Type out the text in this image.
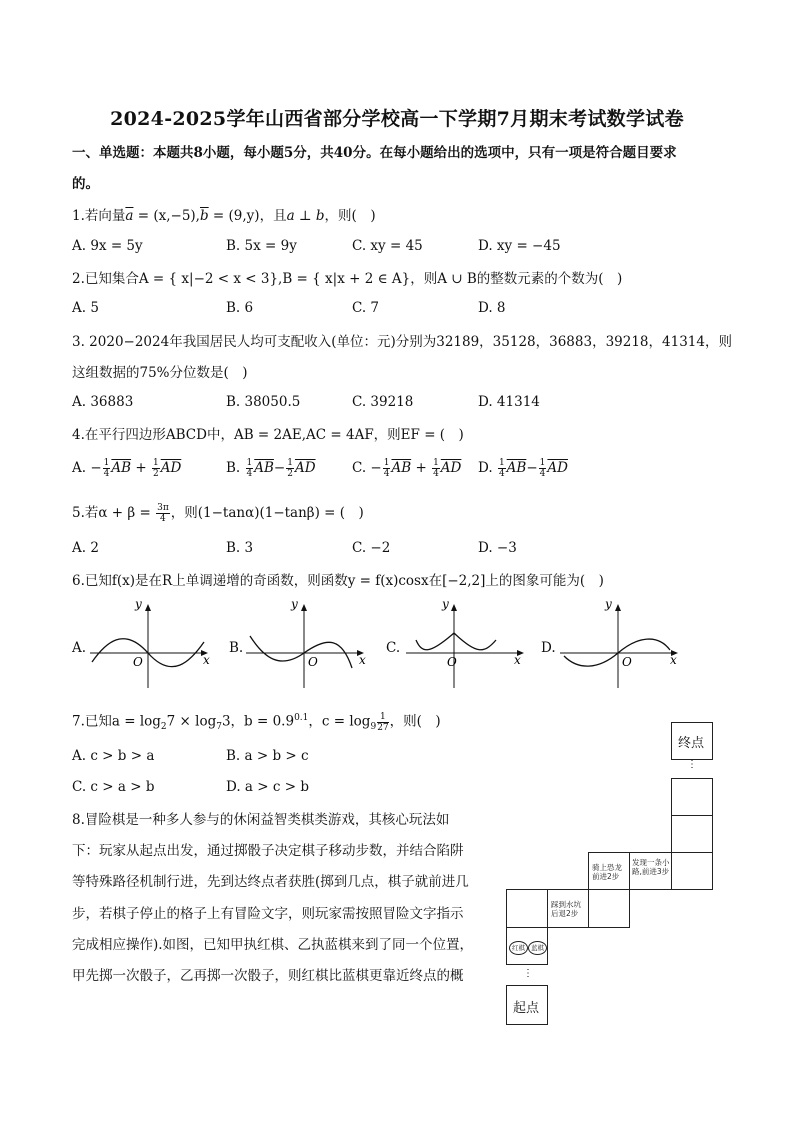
2024-2025学年山西省部分学校高一下学期7月期末考试数学试卷
一、单选题：本题共8小题，每小题5分，共40分。在每小题给出的选项中，只有一项是符合题目要求
的。
1.若向量$\overline{a} = (x,-5),\overline{b} = (9,y)$，且a ⊥ b，则(　)
A. 9x = 5y	B. 5x = 9y	C. xy = 45	D. xy = −45
2.已知集合A = { x|−2 < x < 3},B = { x|x + 2 ∈ A}，则A ∪ B的整数元素的个数为(　)
A. 5	B. 6	C. 7	D. 8
3. 2020−2024年我国居民人均可支配收入(单位：元)分别为32189，35128，36883，39218，41314，则
这组数据的75%分位数是(　)
A. 36883	B. 38050.5	C. 39218	D. 41314
4.在平行四边形ABCD中，AB = 2AE,AC = 4AF，则EF = (　)
A. − $\frac{1}{4} \overline{AB} + \frac{1}{2} \overline{AD}$	B. $\frac{1}{4} \overline{AB}- \frac{1}{2} \overline{AD}$	C. − $\frac{1}{4} \overline{AB} + \frac{1}{4} \overline{AD}$ D. $\frac{1}{4} \overline{AB}- \frac{1}{4} \overline{AD}$
5.若$\alpha + \beta = \frac{3\pi}{4}$ ，则(1−tanα)(1−tanβ) = (　)
A. 2	B. 3	C. −2	D. −3
6.已知f(x)是在R上单调递增的奇函数，则函数y = f(x)cosx在[−2,2]上的图象可能为(　)
A.	B.	C.	D.
y
x
O
y
x
O
y
x
O
y
x
O
7.已知$a = \log_27 \times \log_73$，$b = 0.9^{0.1}$，$c = \log_9 \frac{1}{27}$ ，则(　)
A. c > b > a	B. a > b > c
C. c > a > b	D. a > c > b
8.冒险棋是一种多人参与的休闲益智类棋类游戏，其核心玩法如
下：玩家从起点出发，通过掷骰子决定棋子移动步数，并结合陷阱
等特殊路径机制行进，先到达终点者获胜(掷到几点，棋子就前进几
步，若棋子停止的格子上有冒险文字，则玩家需按照冒险文字指示
完成相应操作).如图，已知甲执红棋、乙执蓝棋来到了同一个位置，
甲先掷一次骰子，乙再掷一次骰子，则红棋比蓝棋更靠近终点的概
终点
⋮
骑上恐龙前进2步
发现一条小路,前进3步
踩到水坑后退2步
红棋 蓝棋
⋮
起点
